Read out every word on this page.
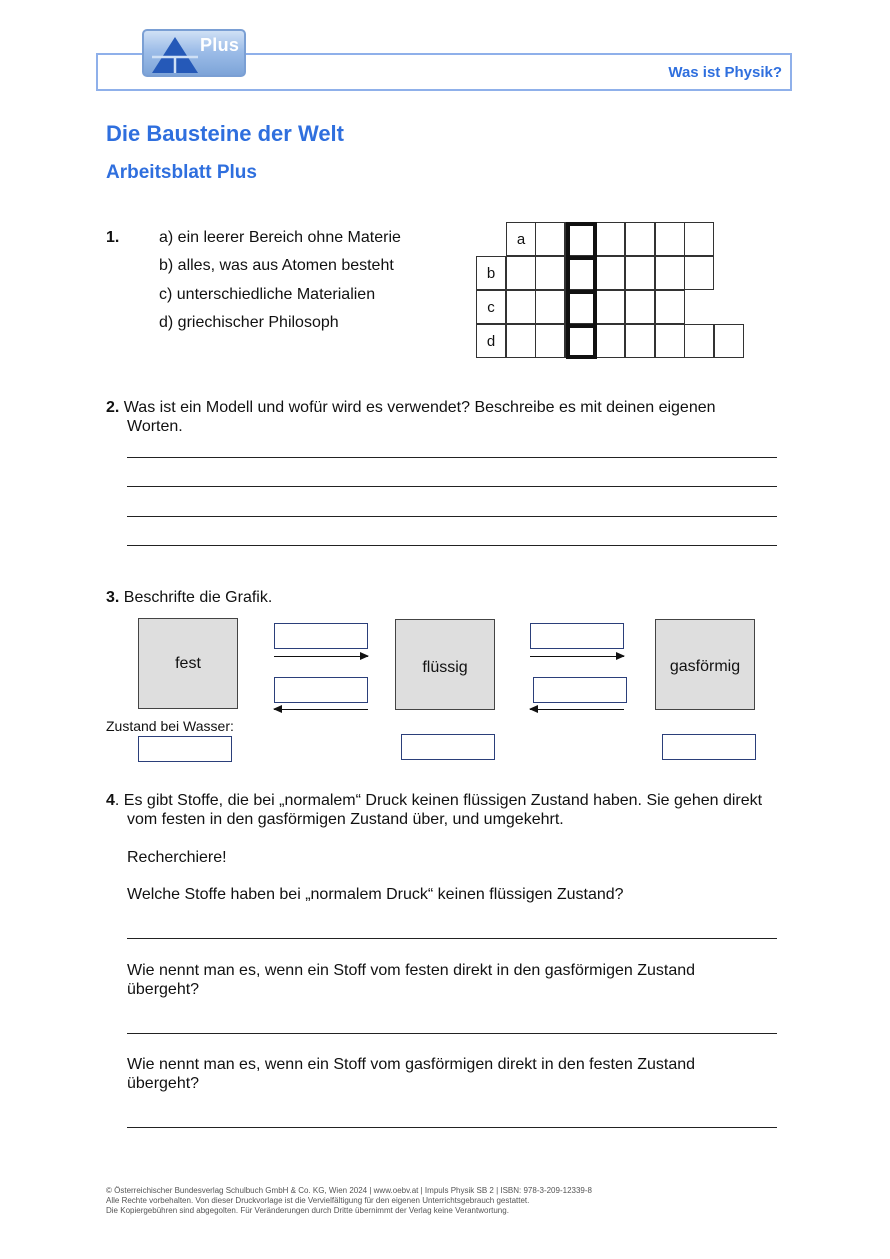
Plus
Was ist Physik?
Die Bausteine der Welt
Arbeitsblatt Plus
1. a) ein leerer Bereich ohne Materie
b) alles, was aus Atomen besteht
c) unterschiedliche Materialien
d) griechischer Philosoph
a
b
c
d
2. Was ist ein Modell und wofür wird es verwendet? Beschreibe es mit deinen eigenen
Worten.
3. Beschrifte die Grafik.
fest	flüssig	gasförmig
Zustand bei Wasser:
4. Es gibt Stoffe, die bei „normalem“ Druck keinen flüssigen Zustand haben. Sie gehen direkt
vom festen in den gasförmigen Zustand über, und umgekehrt.
Recherchiere!
Welche Stoffe haben bei „normalem Druck“ keinen flüssigen Zustand?
Wie nennt man es, wenn ein Stoff vom festen direkt in den gasförmigen Zustand
übergeht?
Wie nennt man es, wenn ein Stoff vom gasförmigen direkt in den festen Zustand
übergeht?
© Österreichischer Bundesverlag Schulbuch GmbH & Co. KG, Wien 2024 | www.oebv.at | Impuls Physik SB 2 | ISBN: 978-3-209-12339-8
Alle Rechte vorbehalten. Von dieser Druckvorlage ist die Vervielfältigung für den eigenen Unterrichtsgebrauch gestattet.
Die Kopiergebühren sind abgegolten. Für Veränderungen durch Dritte übernimmt der Verlag keine Verantwortung.
